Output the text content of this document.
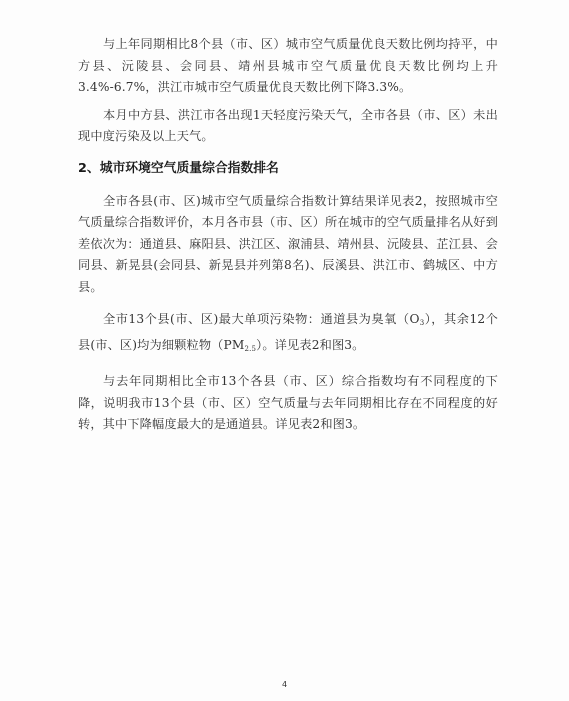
与上年同期相比8个县（市、区）城市空气质量优良天数比例均持平，中方县、沅陵县、会同县、靖州县城市空气质量优良天数比例均上升3.4%-6.7%，洪江市城市空气质量优良天数比例下降3.3%。

本月中方县、洪江市各出现1天轻度污染天气，全市各县（市、区）未出现中度污染及以上天气。

2、城市环境空气质量综合指数排名

全市各县(市、区)城市空气质量综合指数计算结果详见表2，按照城市空气质量综合指数评价，本月各市县（市、区）所在城市的空气质量排名从好到差依次为：通道县、麻阳县、洪江区、溆浦县、靖州县、沅陵县、芷江县、会同县、新晃县(会同县、新晃县并列第8名)、辰溪县、洪江市、鹤城区、中方县。

全市13个县(市、区)最大单项污染物：通道县为臭氧$(O_3)$，其余12个县(市、区)均为细颗粒物$(PM_{2.5})$。详见表2和图3。

与去年同期相比全市13个各县（市、区）综合指数均有不同程度的下降，说明我市13个县（市、区）空气质量与去年同期相比存在不同程度的好转，其中下降幅度最大的是通道县。详见表2和图3。

4
